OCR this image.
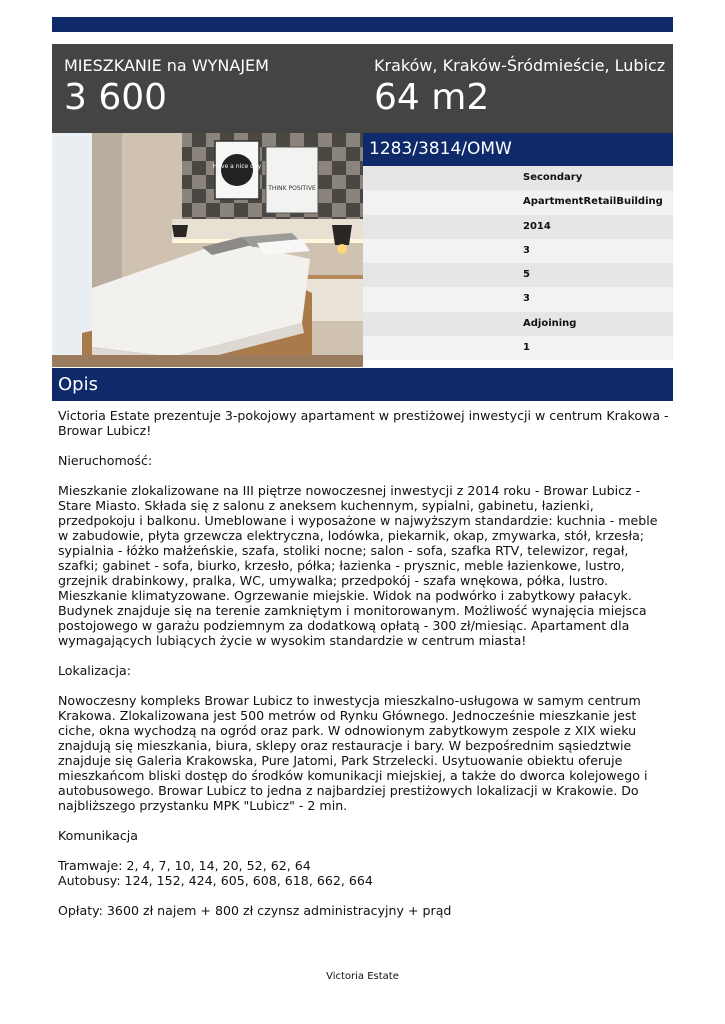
MIESZKANIE na WYNAJEM
3 600
Kraków, Kraków-Śródmieście, Lubicz
64 m2
Have a nice day
THINK POSITIVE
1283/3814/OMW
Secondary
ApartmentRetailBuilding
2014
3
5
3
Adjoining
1
Opis

Victoria Estate prezentuje 3-pokojowy apartament w prestiżowej inwestycji w centrum Krakowa - Browar Lubicz!

Nieruchomość:

Mieszkanie zlokalizowane na III piętrze nowoczesnej inwestycji z 2014 roku - Browar Lubicz - Stare Miasto. Składa się z salonu z aneksem kuchennym, sypialni, gabinetu, łazienki, przedpokoju i balkonu. Umeblowane i wyposażone w najwyższym standardzie: kuchnia - meble w zabudowie, płyta grzewcza elektryczna, lodówka, piekarnik, okap, zmywarka, stół, krzesła; sypialnia - łóżko małżeńskie, szafa, stoliki nocne; salon - sofa, szafka RTV, telewizor, regał, szafki; gabinet - sofa, biurko, krzesło, półka; łazienka - prysznic, meble łazienkowe, lustro, grzejnik drabinkowy, pralka, WC, umywalka; przedpokój - szafa wnękowa, półka, lustro. Mieszkanie klimatyzowane. Ogrzewanie miejskie. Widok na podwórko i zabytkowy pałacyk. Budynek znajduje się na terenie zamkniętym i monitorowanym. Możliwość wynajęcia miejsca postojowego w garażu podziemnym za dodatkową opłatą - 300 zł/miesiąc. Apartament dla wymagających lubiących życie w wysokim standardzie w centrum miasta!

Lokalizacja:

Nowoczesny kompleks Browar Lubicz to inwestycja mieszkalno-usługowa w samym centrum Krakowa. Zlokalizowana jest 500 metrów od Rynku Głównego. Jednocześnie mieszkanie jest ciche, okna wychodzą na ogród oraz park. W odnowionym zabytkowym zespole z XIX wieku znajdują się mieszkania, biura, sklepy oraz restauracje i bary. W bezpośrednim sąsiedztwie znajduje się Galeria Krakowska, Pure Jatomi, Park Strzelecki. Usytuowanie obiektu oferuje mieszkańcom bliski dostęp do środków komunikacji miejskiej, a także do dworca kolejowego i autobusowego. Browar Lubicz to jedna z najbardziej prestiżowych lokalizacji w Krakowie. Do najbliższego przystanku MPK "Lubicz" - 2 min.

Komunikacja

Tramwaje: 2, 4, 7, 10, 14, 20, 52, 62, 64
Autobusy: 124, 152, 424, 605, 608, 618, 662, 664

Opłaty: 3600 zł najem + 800 zł czynsz administracyjny + prąd

Victoria Estate
